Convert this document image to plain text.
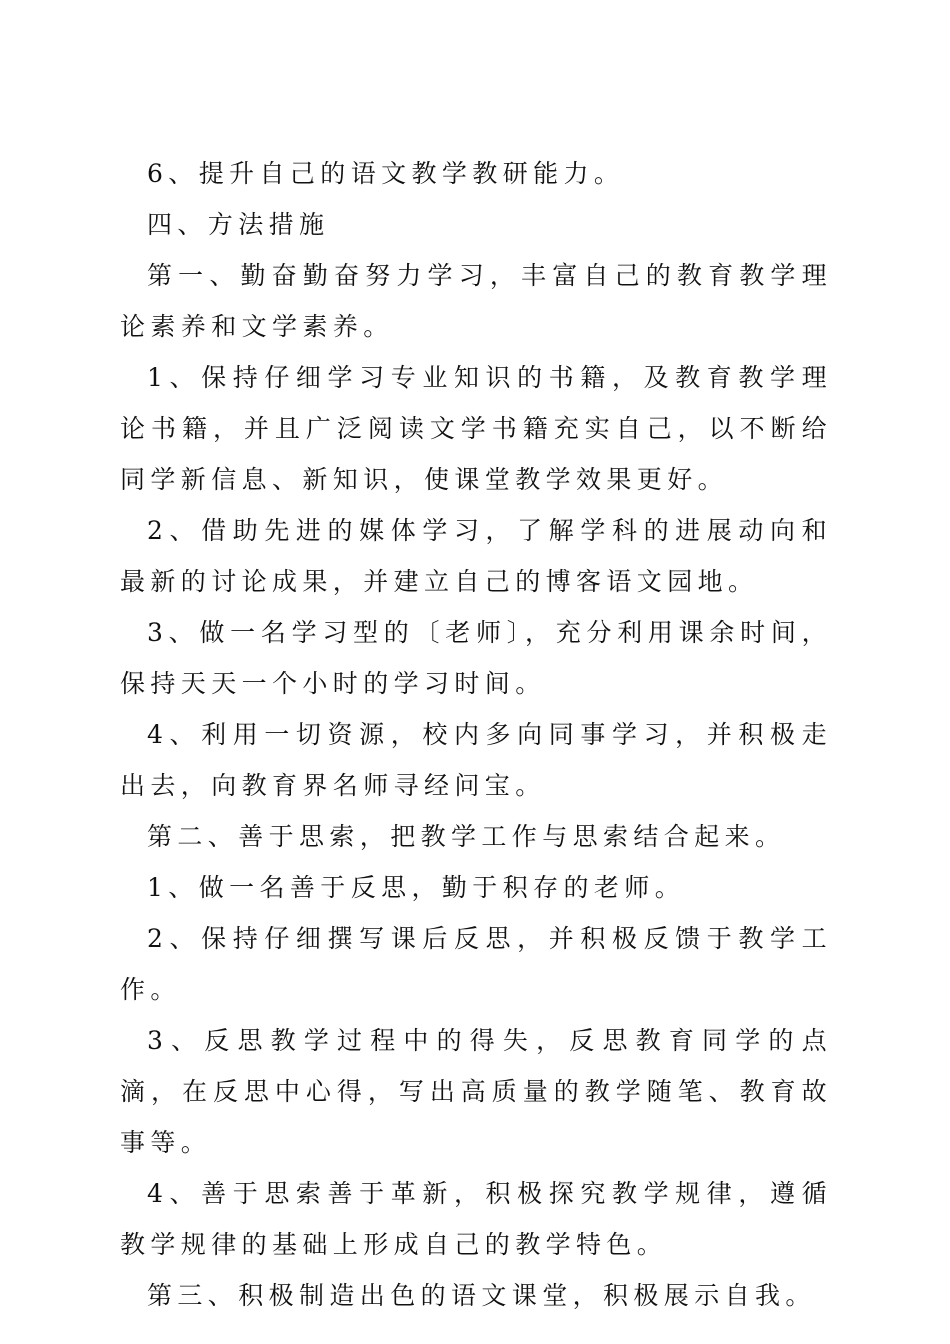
6、提升自己的语文教学教研能力。

四、方法措施

第一、勤奋勤奋努力学习，丰富自己的教育教学理论素养和文学素养。

1、保持仔细学习专业知识的书籍，及教育教学理论书籍，并且广泛阅读文学书籍充实自己，以不断给同学新信息、新知识，使课堂教学效果更好。

2、借助先进的媒体学习，了解学科的进展动向和最新的讨论成果，并建立自己的博客语文园地。

3、做一名学习型的〔老师〕，充分利用课余时间，保持天天一个小时的学习时间。

4、利用一切资源，校内多向同事学习，并积极走出去，向教育界名师寻经问宝。

第二、善于思索，把教学工作与思索结合起来。

1、做一名善于反思，勤于积存的老师。

2、保持仔细撰写课后反思，并积极反馈于教学工作。

3、反思教学过程中的得失，反思教育同学的点滴，在反思中心得，写出高质量的教学随笔、教育故事等。

4、善于思索善于革新，积极探究教学规律，遵循教学规律的基础上形成自己的教学特色。

第三、积极制造出色的语文课堂，积极展示自我。
